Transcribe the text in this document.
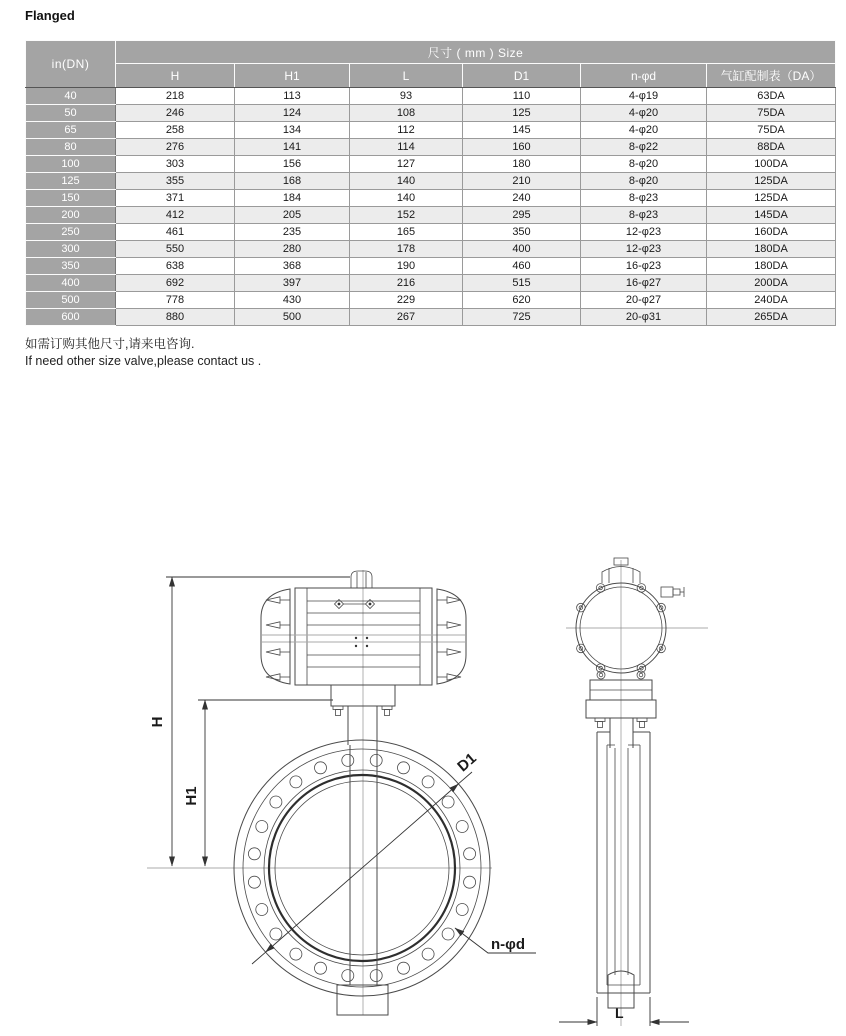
Flanged
in(DN)	尺寸 ( mm ) Size					
	H	H1	L	D1	n-φd	气缸配制表（DA）
40	218	113	93	110	4-φ19	63DA
50	246	124	108	125	4-φ20	75DA
65	258	134	112	145	4-φ20	75DA
80	276	141	114	160	8-φ22	88DA
100	303	156	127	180	8-φ20	100DA
125	355	168	140	210	8-φ20	125DA
150	371	184	140	240	8-φ23	125DA
200	412	205	152	295	8-φ23	145DA
250	461	235	165	350	12-φ23	160DA
300	550	280	178	400	12-φ23	180DA
350	638	368	190	460	16-φ23	180DA
400	692	397	216	515	16-φ27	200DA
500	778	430	229	620	20-φ27	240DA
600	880	500	267	725	20-φ31	265DA

如需订购其他尺寸,请来电咨询.

If need other size valve,please contact us .

H
H1
D1
n-φd
L
